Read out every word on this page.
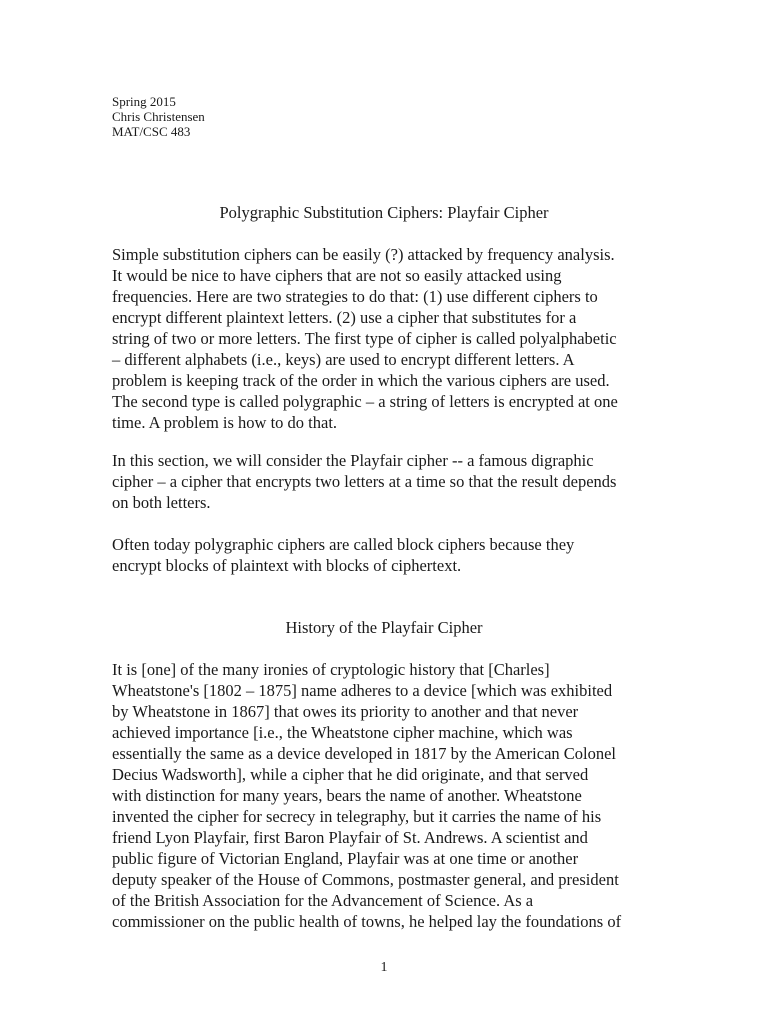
Spring 2015
Chris Christensen
MAT/CSC 483
Polygraphic Substitution Ciphers: Playfair Cipher
Simple substitution ciphers can be easily (?) attacked by frequency analysis.
It would be nice to have ciphers that are not so easily attacked using
frequencies. Here are two strategies to do that: (1) use different ciphers to
encrypt different plaintext letters. (2) use a cipher that substitutes for a
string of two or more letters. The first type of cipher is called polyalphabetic
– different alphabets (i.e., keys) are used to encrypt different letters. A
problem is keeping track of the order in which the various ciphers are used.
The second type is called polygraphic – a string of letters is encrypted at one
time. A problem is how to do that.
In this section, we will consider the Playfair cipher -- a famous digraphic
cipher – a cipher that encrypts two letters at a time so that the result depends
on both letters.
Often today polygraphic ciphers are called block ciphers because they
encrypt blocks of plaintext with blocks of ciphertext.
History of the Playfair Cipher
It is [one] of the many ironies of cryptologic history that [Charles]
Wheatstone's [1802 – 1875] name adheres to a device [which was exhibited
by Wheatstone in 1867] that owes its priority to another and that never
achieved importance [i.e., the Wheatstone cipher machine, which was
essentially the same as a device developed in 1817 by the American Colonel
Decius Wadsworth], while a cipher that he did originate, and that served
with distinction for many years, bears the name of another. Wheatstone
invented the cipher for secrecy in telegraphy, but it carries the name of his
friend Lyon Playfair, first Baron Playfair of St. Andrews. A scientist and
public figure of Victorian England, Playfair was at one time or another
deputy speaker of the House of Commons, postmaster general, and president
of the British Association for the Advancement of Science. As a
commissioner on the public health of towns, he helped lay the foundations of
1
